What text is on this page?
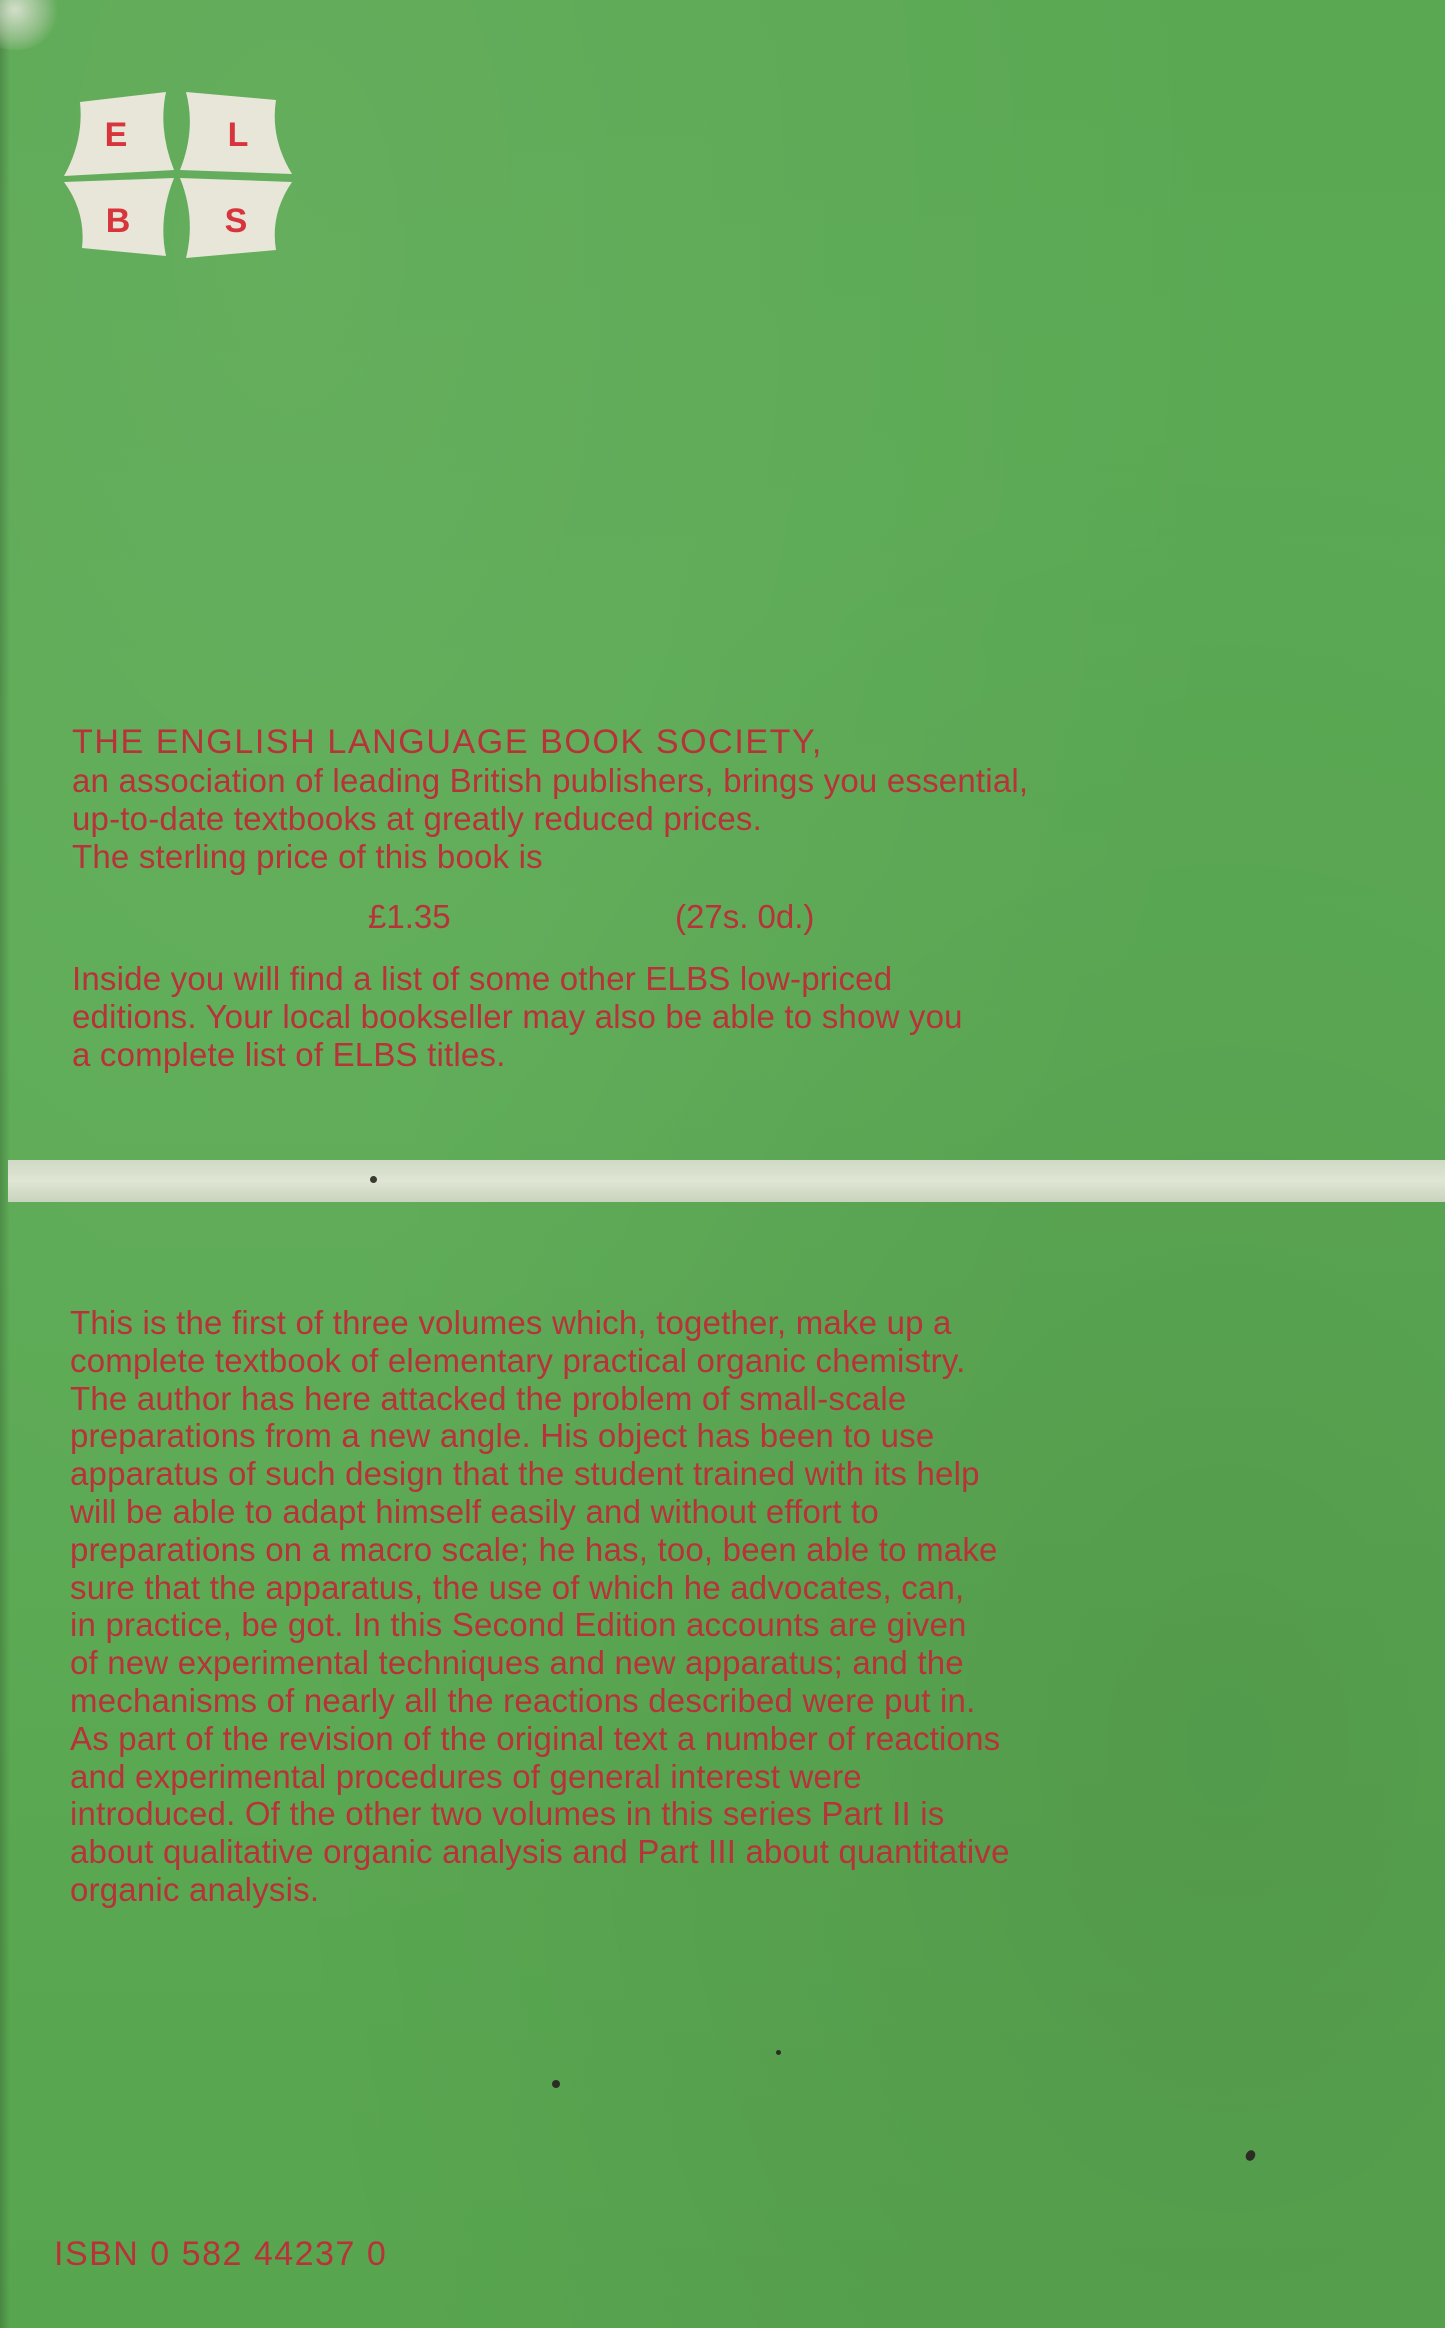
E	L
B	S
THE ENGLISH LANGUAGE BOOK SOCIETY,
an association of leading British publishers, brings you essential,
up-to-date textbooks at greatly reduced prices.
The sterling price of this book is
£1.35	(27s. 0d.)
Inside you will find a list of some other ELBS low-priced
editions. Your local bookseller may also be able to show you
a complete list of ELBS titles.
This is the first of three volumes which, together, make up a
complete textbook of elementary practical organic chemistry.
The author has here attacked the problem of small-scale
preparations from a new angle. His object has been to use
apparatus of such design that the student trained with its help
will be able to adapt himself easily and without effort to
preparations on a macro scale; he has, too, been able to make
sure that the apparatus, the use of which he advocates, can,
in practice, be got. In this Second Edition accounts are given
of new experimental techniques and new apparatus; and the
mechanisms of nearly all the reactions described were put in.
As part of the revision of the original text a number of reactions
and experimental procedures of general interest were
introduced. Of the other two volumes in this series Part II is
about qualitative organic analysis and Part III about quantitative
organic analysis.
ISBN 0 582 44237 0
